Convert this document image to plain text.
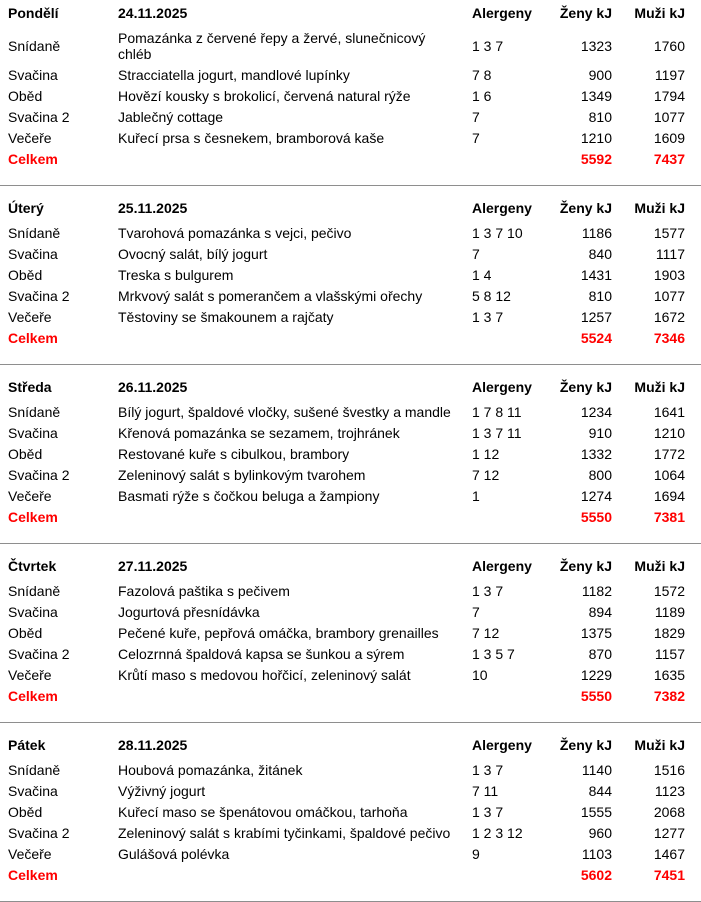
Pondělí	24.11.2025	Alergeny	Ženy kJ	Muži kJ
Snídaně	Pomazánka z červené řepy a žervé, slunečnicový chléb	1 3 7	1323	1760
Svačina	Stracciatella jogurt, mandlové lupínky	7 8	900	1197
Oběd	Hovězí kousky s brokolicí, červená natural rýže	1 6	1349	1794
Svačina 2	Jablečný cottage	7	810	1077
Večeře	Kuřecí prsa s česnekem, bramborová kaše	7	1210	1609
Celkem			5592	7437
Úterý	25.11.2025	Alergeny	Ženy kJ	Muži kJ
Snídaně	Tvarohová pomazánka s vejci, pečivo	1 3 7 10	1186	1577
Svačina	Ovocný salát, bílý jogurt	7	840	1117
Oběd	Treska s bulgurem	1 4	1431	1903
Svačina 2	Mrkvový salát s pomerančem a vlašskými ořechy	5 8 12	810	1077
Večeře	Těstoviny se šmakounem a rajčaty	1 3 7	1257	1672
Celkem			5524	7346
Středa	26.11.2025	Alergeny	Ženy kJ	Muži kJ
Snídaně	Bílý jogurt, špaldové vločky, sušené švestky a mandle	1 7 8 11	1234	1641
Svačina	Křenová pomazánka se sezamem, trojhránek	1 3 7 11	910	1210
Oběd	Restované kuře s cibulkou, brambory	1 12	1332	1772
Svačina 2	Zeleninový salát s bylinkovým tvarohem	7 12	800	1064
Večeře	Basmati rýže s čočkou beluga a žampiony	1	1274	1694
Celkem			5550	7381
Čtvrtek	27.11.2025	Alergeny	Ženy kJ	Muži kJ
Snídaně	Fazolová paštika s pečivem	1 3 7	1182	1572
Svačina	Jogurtová přesnídávka	7	894	1189
Oběd	Pečené kuře, pepřová omáčka, brambory grenailles	7 12	1375	1829
Svačina 2	Celozrnná špaldová kapsa se šunkou a sýrem	1 3 5 7	870	1157
Večeře	Krůtí maso s medovou hořčicí, zeleninový salát	10	1229	1635
Celkem			5550	7382
Pátek	28.11.2025	Alergeny	Ženy kJ	Muži kJ
Snídaně	Houbová pomazánka, žitánek	1 3 7	1140	1516
Svačina	Výživný jogurt	7 11	844	1123
Oběd	Kuřecí maso se špenátovou omáčkou, tarhoňa	1 3 7	1555	2068
Svačina 2	Zeleninový salát s krabími tyčinkami, špaldové pečivo	1 2 3 12	960	1277
Večeře	Gulášová polévka	9	1103	1467
Celkem			5602	7451
